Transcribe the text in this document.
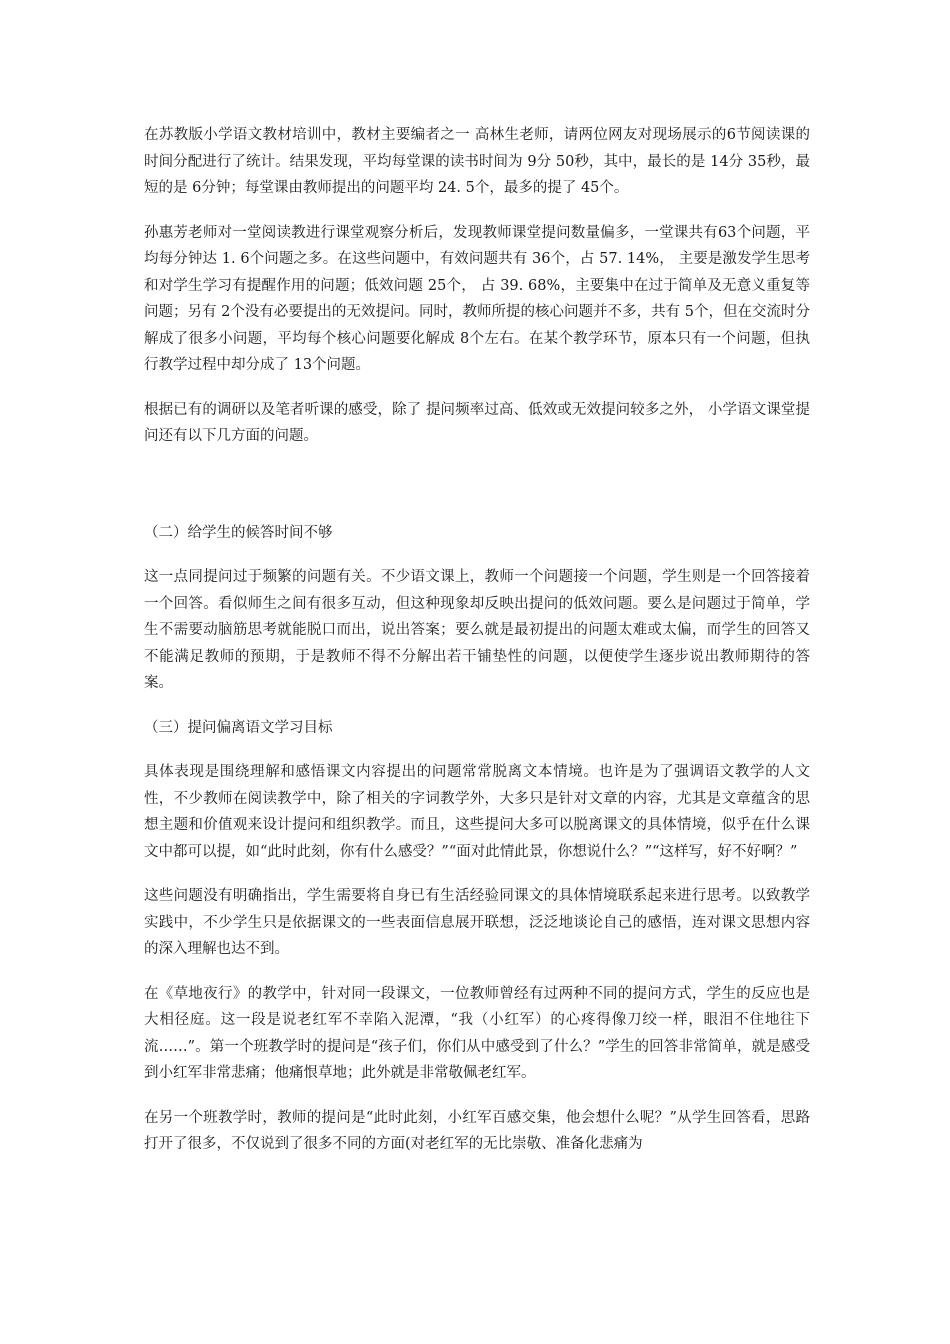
在苏教版小学语文教材培训中，教材主要编者之一 高林生老师，请两位网友对现场展示的6节阅读课的时间分配进行了统计。结果发现，平均每堂课的读书时间为 9分 50秒，其中，最长的是 14分 35秒，最短的是 6分钟；每堂课由教师提出的问题平均 24. 5个，最多的提了 45个。

孙惠芳老师对一堂阅读教进行课堂观察分析后，发现教师课堂提问数量偏多，一堂课共有63个问题，平均每分钟达 1. 6个问题之多。在这些问题中，有效问题共有 36个，占 57. 14%， 主要是激发学生思考和对学生学习有提醒作用的问题；低效问题 25个， 占 39. 68%，主要集中在过于简单及无意义重复等问题；另有 2个没有必要提出的无效提问。同时，教师所提的核心问题并不多，共有 5个，但在交流时分解成了很多小问题，平均每个核心问题要化解成 8个左右。在某个教学环节，原本只有一个问题，但执行教学过程中却分成了 13个问题。

根据已有的调研以及笔者听课的感受，除了 提问频率过高、低效或无效提问较多之外， 小学语文课堂提问还有以下几方面的问题。

（二）给学生的候答时间不够

这一点同提问过于频繁的问题有关。不少语文课上，教师一个问题接一个问题，学生则是一个回答接着一个回答。看似师生之间有很多互动，但这种现象却反映出提问的低效问题。要么是问题过于简单，学生不需要动脑筋思考就能脱口而出，说出答案；要么就是最初提出的问题太难或太偏，而学生的回答又不能满足教师的预期，于是教师不得不分解出若干铺垫性的问题，以便使学生逐步说出教师期待的答案。

（三）提问偏离语文学习目标

具体表现是围绕理解和感悟课文内容提出的问题常常脱离文本情境。也许是为了强调语文教学的人文性，不少教师在阅读教学中，除了相关的字词教学外，大多只是针对文章的内容，尤其是文章蕴含的思想主题和价值观来设计提问和组织教学。而且，这些提问大多可以脱离课文的具体情境，似乎在什么课文中都可以提，如“此时此刻，你有什么感受？”“面对此情此景，你想说什么？”“这样写，好不好啊？”

这些问题没有明确指出，学生需要将自身已有生活经验同课文的具体情境联系起来进行思考。以致教学实践中，不少学生只是依据课文的一些表面信息展开联想，泛泛地谈论自己的感悟，连对课文思想内容的深入理解也达不到。

在《草地夜行》的教学中，针对同一段课文，一位教师曾经有过两种不同的提问方式，学生的反应也是大相径庭。这一段是说老红军不幸陷入泥潭，“我（小红军）的心疼得像刀绞一样，眼泪不住地往下流……”。第一个班教学时的提问是“孩子们，你们从中感受到了什么？”学生的回答非常简单，就是感受到小红军非常悲痛；他痛恨草地；此外就是非常敬佩老红军。

在另一个班教学时，教师的提问是“此时此刻，小红军百感交集，他会想什么呢？”从学生回答看，思路打开了很多，不仅说到了很多不同的方面(对老红军的无比崇敬、准备化悲痛为
